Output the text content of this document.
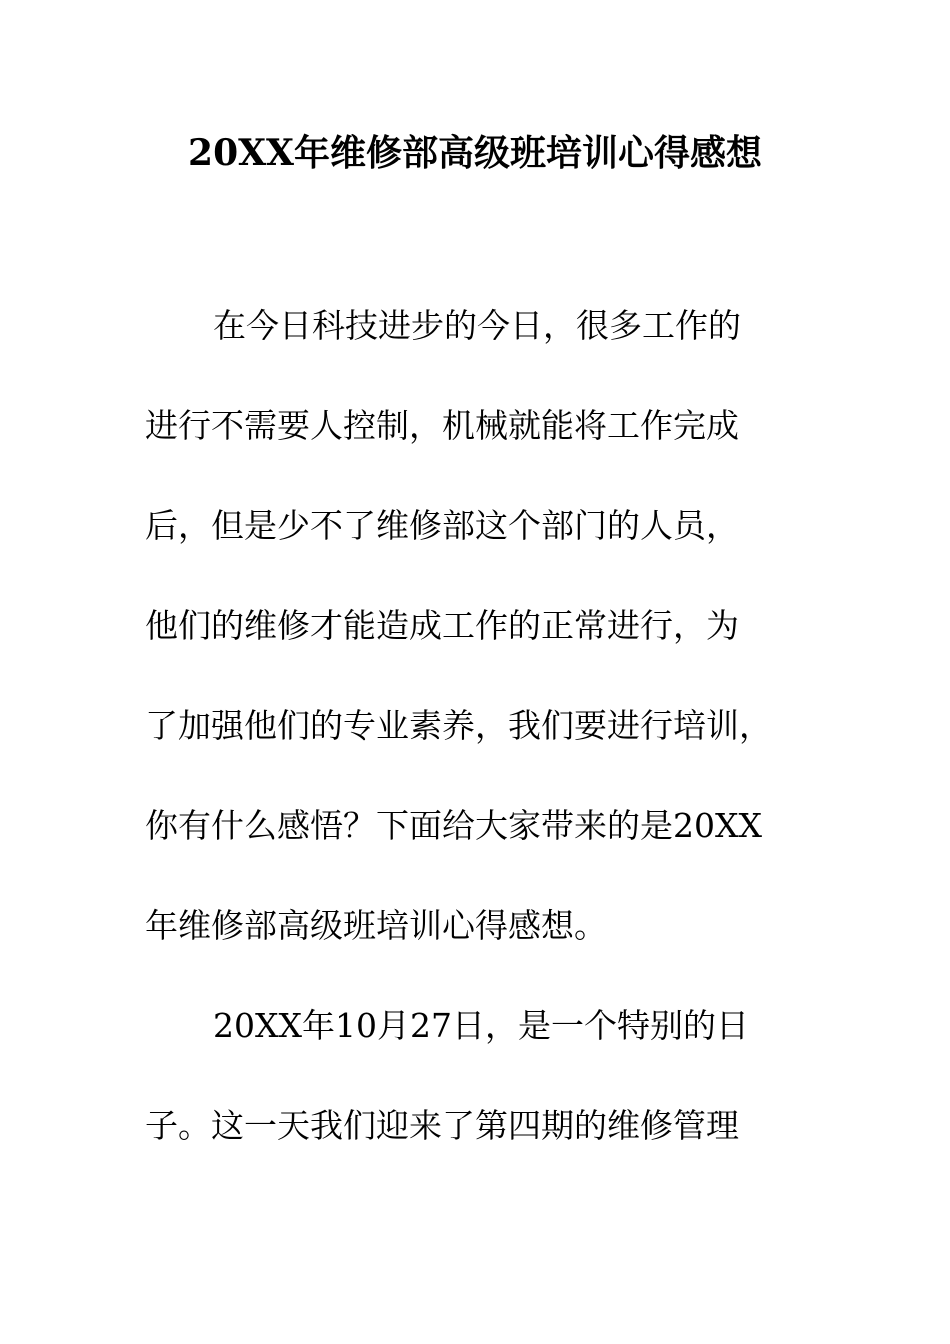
20XX年维修部高级班培训心得感想

在今日科技进步的今日，很多工作的

进行不需要人控制，机械就能将工作完成

后，但是少不了维修部这个部门的人员，

他们的维修才能造成工作的正常进行，为

了加强他们的专业素养，我们要进行培训，

你有什么感悟？下面给大家带来的是20XX

年维修部高级班培训心得感想。

20XX年10月27日，是一个特别的日

子。这一天我们迎来了第四期的维修管理
